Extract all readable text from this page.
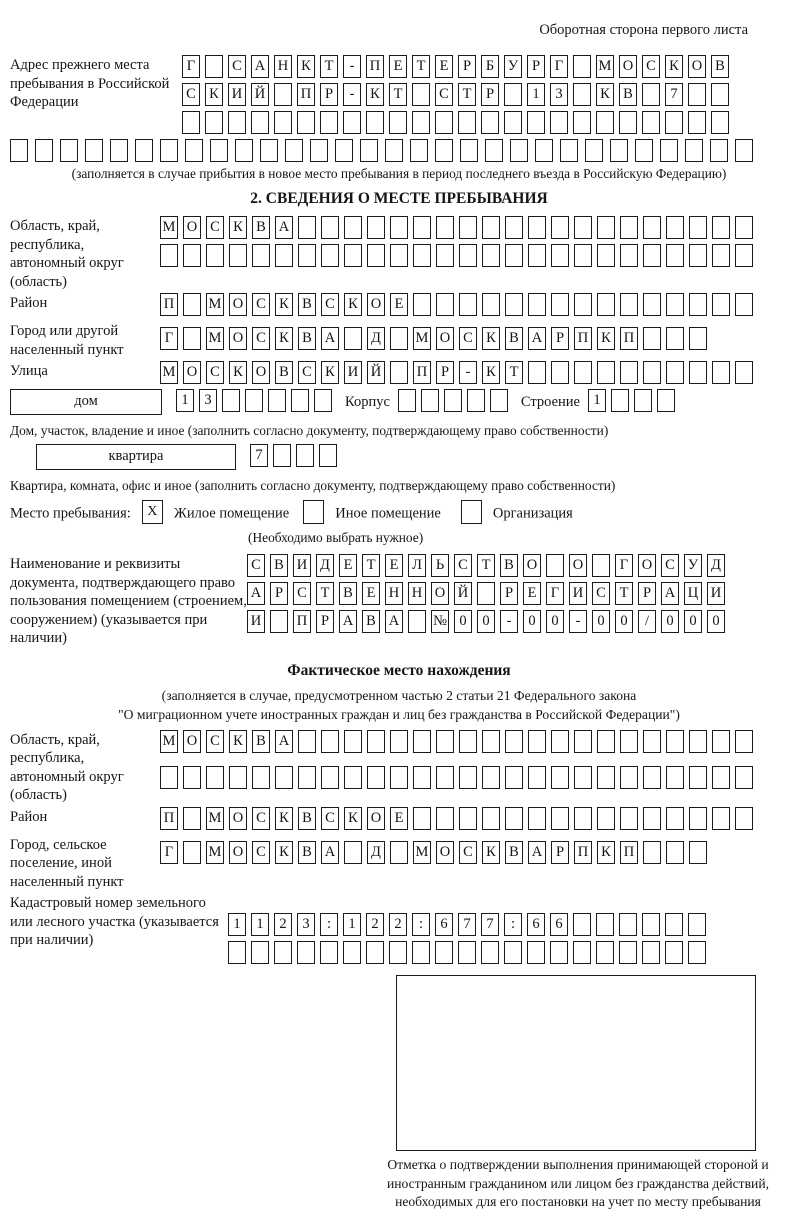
Оборотная сторона первого листа
Адрес прежнего места пребывания в Российской Федерации
Г	С А Н К Т - П Е Т Е Р Б У Р Г М О С К О В
С К И Й П Р - К Т	С Т Р	1 3	К В	7
(заполняется в случае прибытия в новое место пребывания в период последнего въезда в Российскую Федерацию)
2. СВЕДЕНИЯ О МЕСТЕ ПРЕБЫВАНИЯ
Область, край, республика, автономный округ (область)
М О С К В А
Район	П М О С К В С К О Е
Город или другой населенный пункт
Г М О С К В А Д М О С К В А Р П К П
Улица	М О С К О В С К И Й П Р - К Т
дом	1 3	Корпус	Строение 1
Дом, участок, владение и иное (заполнить согласно документу, подтверждающему право собственности)
квартира	7
Квартира, комната, офис и иное (заполнить согласно документу, подтверждающему право собственности)
Место пребывания: X Жилое помещение	Иное помещение	Организация
(Необходимо выбрать нужное)
Наименование и реквизиты документа, подтверждающего право пользования помещением (строением, сооружением) (указывается при наличии)
С В И Д Е Т Е Л Ь С Т В О О	Г О С У Д
А Р С Т В Е Н Н О Й	Р Е Г И С Т Р А Ц И
И П Р А В А № 0 0 - 0 0 - 0 0 / 0 0 0
Фактическое место нахождения
(заполняется в случае, предусмотренном частью 2 статьи 21 Федерального закона
"О миграционном учете иностранных граждан и лиц без гражданства в Российской Федерации")
Область, край, республика, автономный округ (область)
М О С К В А
Район	П М О С К В С К О Е
Город, сельское поселение, иной населенный пункт
Г М О С К В А Д М О С К В А Р П К П
Кадастровый номер земельного или лесного участка (указывается при наличии)
1 1 2 3 : 1 2 2 : 6 7 7 : 6 6
Отметка о подтверждении выполнения принимающей стороной и иностранным гражданином или лицом без гражданства действий, необходимых для его постановки на учет по месту пребывания
